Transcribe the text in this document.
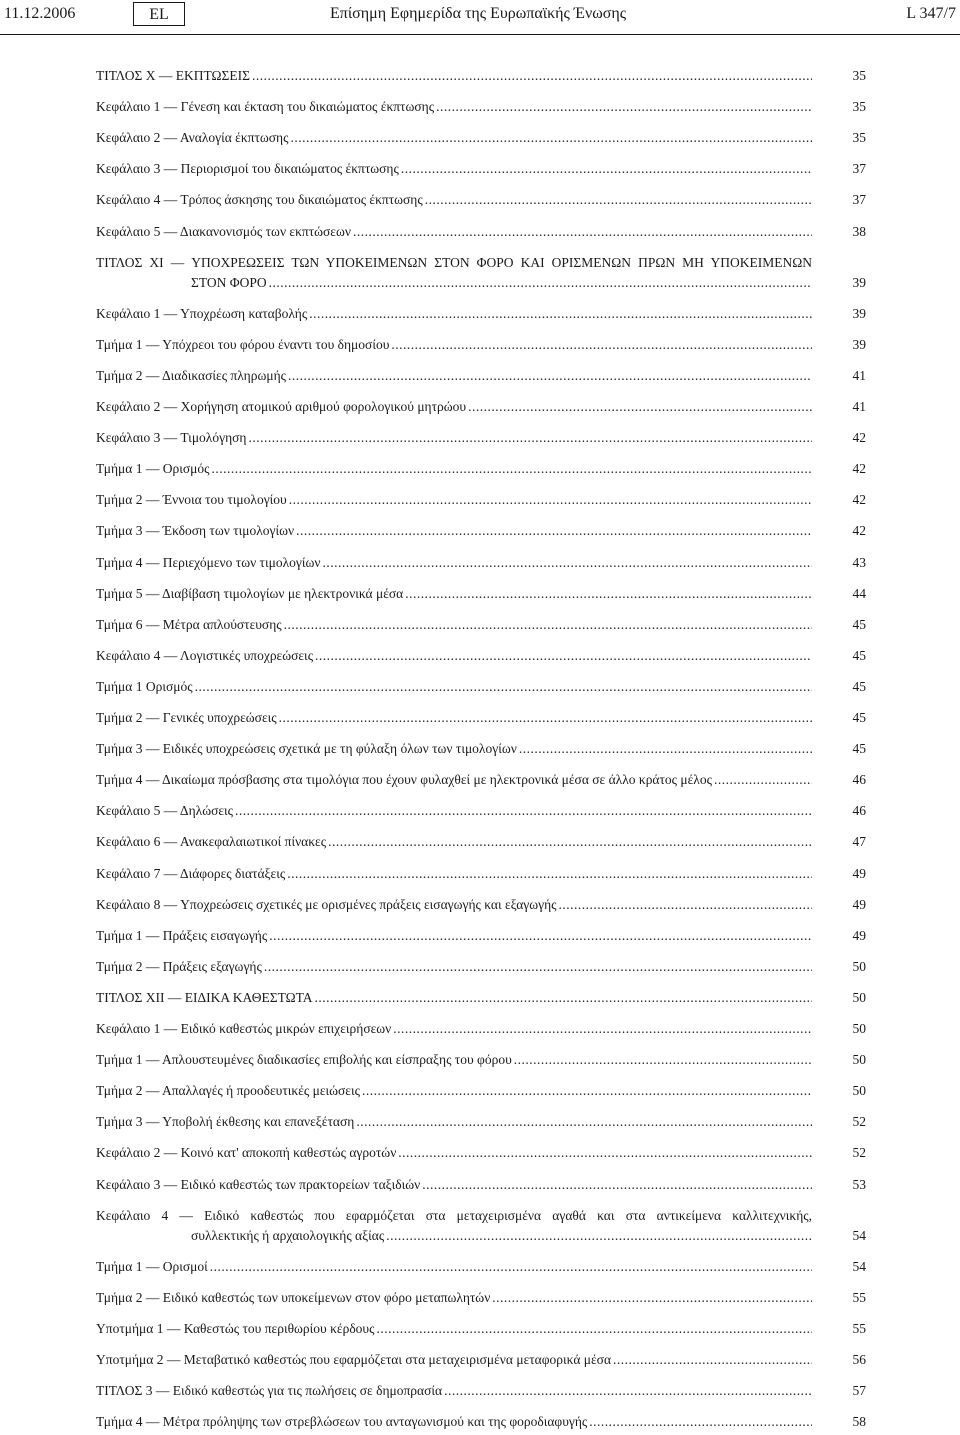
11.12.2006	EL	Επίσημη Εφημερίδα της Ευρωπαϊκής Ένωσης	L 347/7
ΤΙΤΛΟΣ X — ΕΚΠΤΩΣΕΙΣ .....	35
Κεφάλαιο 1 — Γένεση και έκταση του δικαιώματος έκπτωσης .....	35
Κεφάλαιο 2 — Αναλογία έκπτωσης .....	35
Κεφάλαιο 3 — Περιορισμοί του δικαιώματος έκπτωσης .....	37
Κεφάλαιο 4 — Τρόπος άσκησης του δικαιώματος έκπτωσης .....	37
Κεφάλαιο 5 — Διακανονισμός των εκπτώσεων .....	38
ΤΙΤΛΟΣ XI — ΥΠΟΧΡΕΩΣΕΙΣ ΤΩΝ ΥΠΟΚΕΙΜΕΝΩΝ ΣΤΟΝ ΦΟΡΟ ΚΑΙ ΟΡΙΣΜΕΝΩΝ ΠΡΩΝ ΜΗ ΥΠΟΚΕΙΜΕΝΩΝ
ΣΤΟΝ ΦΟΡΟ .....	39
Κεφάλαιο 1 — Υποχρέωση καταβολής .....	39
Τμήμα 1 — Υπόχρεοι του φόρου έναντι του δημοσίου .....	39
Τμήμα 2 — Διαδικασίες πληρωμής .....	41
Κεφάλαιο 2 — Χορήγηση ατομικού αριθμού φορολογικού μητρώου .....	41
Κεφάλαιο 3 — Τιμολόγηση .....	42
Τμήμα 1 — Ορισμός .....	42
Τμήμα 2 — Έννοια του τιμολογίου .....	42
Τμήμα 3 — Έκδοση των τιμολογίων .....	42
Τμήμα 4 — Περιεχόμενο των τιμολογίων .....	43
Τμήμα 5 — Διαβίβαση τιμολογίων με ηλεκτρονικά μέσα .....	44
Τμήμα 6 — Μέτρα απλούστευσης .....	45
Κεφάλαιο 4 — Λογιστικές υποχρεώσεις .....	45
Τμήμα 1 Ορισμός .....	45
Τμήμα 2 — Γενικές υποχρεώσεις .....	45
Τμήμα 3 — Ειδικές υποχρεώσεις σχετικά με τη φύλαξη όλων των τιμολογίων .....	45
Τμήμα 4 — Δικαίωμα πρόσβασης στα τιμολόγια που έχουν φυλαχθεί με ηλεκτρονικά μέσα σε άλλο κράτος μέλος .....	46
Κεφάλαιο 5 — Δηλώσεις .....	46
Κεφάλαιο 6 — Ανακεφαλαιωτικοί πίνακες .....	47
Κεφάλαιο 7 — Διάφορες διατάξεις .....	49
Κεφάλαιο 8 — Υποχρεώσεις σχετικές με ορισμένες πράξεις εισαγωγής και εξαγωγής .....	49
Τμήμα 1 — Πράξεις εισαγωγής .....	49
Τμήμα 2 — Πράξεις εξαγωγής .....	50
ΤΙΤΛΟΣ XII — ΕΙΔΙΚΑ ΚΑΘΕΣΤΩΤΑ .....	50
Κεφάλαιο 1 — Ειδικό καθεστώς μικρών επιχειρήσεων .....	50
Τμήμα 1 — Απλουστευμένες διαδικασίες επιβολής και είσπραξης του φόρου .....	50
Τμήμα 2 — Απαλλαγές ή προοδευτικές μειώσεις .....	50
Τμήμα 3 — Υποβολή έκθεσης και επανεξέταση .....	52
Κεφάλαιο 2 — Κοινό κατ' αποκοπή καθεστώς αγροτών .....	52
Κεφάλαιο 3 — Ειδικό καθεστώς των πρακτορείων ταξιδιών .....	53
Κεφάλαιο 4 — Ειδικό καθεστώς που εφαρμόζεται στα μεταχειρισμένα αγαθά και στα αντικείμενα καλλιτεχνικής,
συλλεκτικής ή αρχαιολογικής αξίας .....	54
Τμήμα 1 — Ορισμοί .....	54
Τμήμα 2 — Ειδικό καθεστώς των υποκείμενων στον φόρο μεταπωλητών .....	55
Υποτμήμα 1 — Καθεστώς του περιθωρίου κέρδους .....	55
Υποτμήμα 2 — Μεταβατικό καθεστώς που εφαρμόζεται στα μεταχειρισμένα μεταφορικά μέσα .....	56
ΤΙΤΛΟΣ 3 — Ειδικό καθεστώς για τις πωλήσεις σε δημοπρασία .....	57
Τμήμα 4 — Μέτρα πρόληψης των στρεβλώσεων του ανταγωνισμού και της φοροδιαφυγής .....	58
